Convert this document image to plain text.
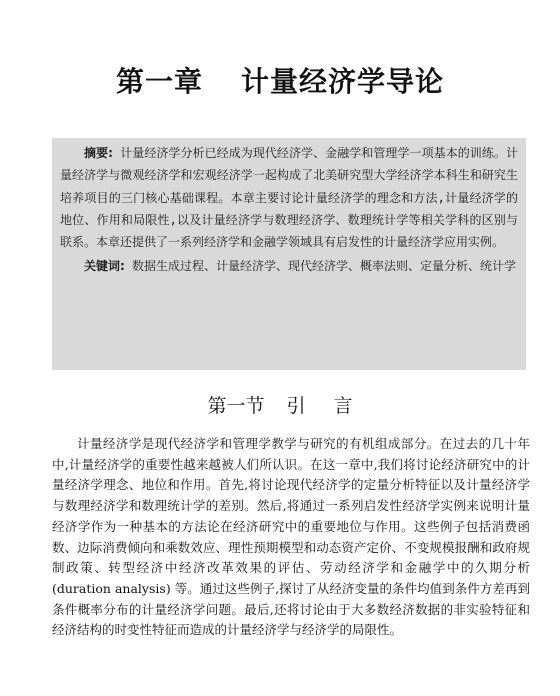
第一章 计量经济学导论

摘要: 计量经济学分析已经成为现代经济学、金融学和管理学一项基本的训练。计量经济学与微观经济学和宏观经济学一起构成了北美研究型大学经济学本科生和研究生培养项目的三门核心基础课程。本章主要讨论计量经济学的理念和方法,计量经济学的地位、作用和局限性,以及计量经济学与数理经济学、数理统计学等相关学科的区别与联系。本章还提供了一系列经济学和金融学领域具有启发性的计量经济学应用实例。

关键词: 数据生成过程、计量经济学、现代经济学、概率法则、定量分析、统计学

第一节 引 言

计量经济学是现代经济学和管理学教学与研究的有机组成部分。在过去的几十年中,计量经济学的重要性越来越被人们所认识。在这一章中,我们将讨论经济研究中的计量经济学理念、地位和作用。首先,将讨论现代经济学的定量分析特征以及计量经济学与数理经济学和数理统计学的差别。然后,将通过一系列启发性经济学实例来说明计量经济学作为一种基本的方法论在经济研究中的重要地位与作用。这些例子包括消费函数、边际消费倾向和乘数效应、理性预期模型和动态资产定价、不变规模报酬和政府规制政策、转型经济中经济改革效果的评估、劳动经济学和金融学中的久期分析 (duration analysis) 等。通过这些例子,探讨了从经济变量的条件均值到条件方差再到条件概率分布的计量经济学问题。最后,还将讨论由于大多数经济数据的非实验特征和经济结构的时变性特征而造成的计量经济学与经济学的局限性。
